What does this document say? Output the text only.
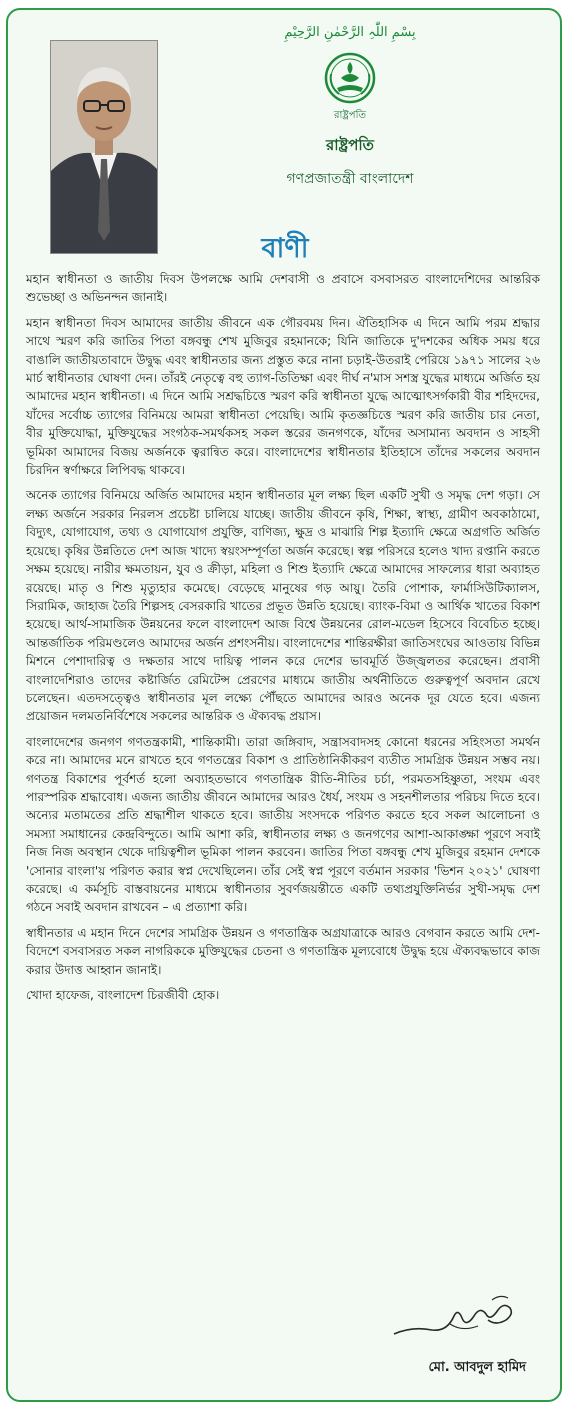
بِسْمِ اللّٰہِ الرَّحْمٰنِ الرَّحِیْمِ
রাষ্ট্রপতি
রাষ্ট্রপতি
গণপ্রজাতন্ত্রী বাংলাদেশ
বাণী

মহান স্বাধীনতা ও জাতীয় দিবস উপলক্ষে আমি দেশবাসী ও প্রবাসে বসবাসরত বাংলাদেশিদের আন্তরিক শুভেচ্ছা ও অভিনন্দন জানাই।

মহান স্বাধীনতা দিবস আমাদের জাতীয় জীবনে এক গৌরবময় দিন। ঐতিহাসিক এ দিনে আমি পরম শ্রদ্ধার সাথে স্মরণ করি জাতির পিতা বঙ্গবন্ধু শেখ মুজিবুর রহমানকে; যিনি জাতিকে দু'দশকের অধিক সময় ধরে বাঙালি জাতীয়তাবাদে উদ্বুদ্ধ এবং স্বাধীনতার জন্য প্রস্তুত করে নানা চড়াই-উতরাই পেরিয়ে ১৯৭১ সালের ২৬ মার্চ স্বাধীনতার ঘোষণা দেন। তাঁরই নেতৃত্বে বহু ত্যাগ-তিতিক্ষা এবং দীর্ঘ ন'মাস সশস্ত্র যুদ্ধের মাধ্যমে অর্জিত হয় আমাদের মহান স্বাধীনতা। এ দিনে আমি সশ্রদ্ধচিত্তে স্মরণ করি স্বাধীনতা যুদ্ধে আত্মোৎসর্গকারী বীর শহিদদের, যাঁদের সর্বোচ্চ ত্যাগের বিনিময়ে আমরা স্বাধীনতা পেয়েছি। আমি কৃতজ্ঞচিত্তে স্মরণ করি জাতীয় চার নেতা, বীর মুক্তিযোদ্ধা, মুক্তিযুদ্ধের সংগঠক-সমর্থকসহ সকল স্তরের জনগণকে, যাঁদের অসামান্য অবদান ও সাহসী ভূমিকা আমাদের বিজয় অর্জনকে ত্বরান্বিত করে। বাংলাদেশের স্বাধীনতার ইতিহাসে তাঁদের সকলের অবদান চিরদিন স্বর্ণাক্ষরে লিপিবদ্ধ থাকবে।

অনেক ত্যাগের বিনিময়ে অর্জিত আমাদের মহান স্বাধীনতার মূল লক্ষ্য ছিল একটি সুখী ও সমৃদ্ধ দেশ গড়া। সে লক্ষ্য অর্জনে সরকার নিরলস প্রচেষ্টা চালিয়ে যাচ্ছে। জাতীয় জীবনে কৃষি, শিক্ষা, স্বাস্থ্য, গ্রামীণ অবকাঠামো, বিদ্যুৎ, যোগাযোগ, তথ্য ও যোগাযোগ প্রযুক্তি, বাণিজ্য, ক্ষুদ্র ও মাঝারি শিল্প ইত্যাদি ক্ষেত্রে অগ্রগতি অর্জিত হয়েছে। কৃষির উন্নতিতে দেশ আজ খাদ্যে স্বয়ংসম্পূর্ণতা অর্জন করেছে। স্বল্প পরিসরে হলেও খাদ্য রপ্তানি করতে সক্ষম হয়েছে। নারীর ক্ষমতায়ন, যুব ও ক্রীড়া, মহিলা ও শিশু ইত্যাদি ক্ষেত্রে আমাদের সাফল্যের ধারা অব্যাহত রয়েছে। মাতৃ ও শিশু মৃত্যুহার কমেছে। বেড়েছে মানুষের গড় আয়ু। তৈরি পোশাক, ফার্মাসিউটিক্যালস, সিরামিক, জাহাজ তৈরি শিল্পসহ বেসরকারি খাতের প্রভূত উন্নতি হয়েছে। ব্যাংক-বিমা ও আর্থিক খাতের বিকাশ হয়েছে। আর্থ-সামাজিক উন্নয়নের ফলে বাংলাদেশ আজ বিশ্বে উন্নয়নের রোল-মডেল হিসেবে বিবেচিত হচ্ছে। আন্তর্জাতিক পরিমণ্ডলেও আমাদের অর্জন প্রশংসনীয়। বাংলাদেশের শান্তিরক্ষীরা জাতিসংঘের আওতায় বিভিন্ন মিশনে পেশাদারিত্ব ও দক্ষতার সাথে দায়িত্ব পালন করে দেশের ভাবমূর্তি উজ্জ্বলতর করেছেন। প্রবাসী বাংলাদেশিরাও তাদের কষ্টার্জিত রেমিটেন্স প্রেরণের মাধ্যমে জাতীয় অর্থনীতিতে গুরুত্বপূর্ণ অবদান রেখে চলেছেন। এতদসত্ত্বেও স্বাধীনতার মূল লক্ষ্যে পৌঁছতে আমাদের আরও অনেক দূর যেতে হবে। এজন্য প্রয়োজন দলমতনির্বিশেষে সকলের আন্তরিক ও ঐক্যবদ্ধ প্রয়াস।

বাংলাদেশের জনগণ গণতন্ত্রকামী, শান্তিকামী। তারা জঙ্গিবাদ, সন্ত্রাসবাদসহ কোনো ধরনের সহিংসতা সমর্থন করে না। আমাদের মনে রাখতে হবে গণতন্ত্রের বিকাশ ও প্রাতিষ্ঠানিকীকরণ ব্যতীত সামগ্রিক উন্নয়ন সম্ভব নয়। গণতন্ত্র বিকাশের পূর্বশর্ত হলো অব্যাহতভাবে গণতান্ত্রিক রীতি-নীতির চর্চা, পরমতসহিষ্ণুতা, সংযম এবং পারস্পরিক শ্রদ্ধাবোধ। এজন্য জাতীয় জীবনে আমাদের আরও ধৈর্য, সংযম ও সহনশীলতার পরিচয় দিতে হবে। অন্যের মতামতের প্রতি শ্রদ্ধাশীল থাকতে হবে। জাতীয় সংসদকে পরিণত করতে হবে সকল আলোচনা ও সমস্যা সমাধানের কেন্দ্রবিন্দুতে। আমি আশা করি, স্বাধীনতার লক্ষ্য ও জনগণের আশা-আকাঙ্ক্ষা পূরণে সবাই নিজ নিজ অবস্থান থেকে দায়িত্বশীল ভূমিকা পালন করবেন। জাতির পিতা বঙ্গবন্ধু শেখ মুজিবুর রহমান দেশকে 'সোনার বাংলা'য় পরিণত করার স্বপ্ন দেখেছিলেন। তাঁর সেই স্বপ্ন পূরণে বর্তমান সরকার 'ভিশন ২০২১' ঘোষণা করেছে। এ কর্মসূচি বাস্তবায়নের মাধ্যমে স্বাধীনতার সুবর্ণজয়ন্তীতে একটি তথ্যপ্রযুক্তিনির্ভর সুখী-সমৃদ্ধ দেশ গঠনে সবাই অবদান রাখবেন – এ প্রত্যাশা করি।

স্বাধীনতার এ মহান দিনে দেশের সামগ্রিক উন্নয়ন ও গণতান্ত্রিক অগ্রযাত্রাকে আরও বেগবান করতে আমি দেশ-বিদেশে বসবাসরত সকল নাগরিককে মুক্তিযুদ্ধের চেতনা ও গণতান্ত্রিক মূল্যবোধে উদ্বুদ্ধ হয়ে ঐক্যবদ্ধভাবে কাজ করার উদাত্ত আহ্বান জানাই।

খোদা হাফেজ, বাংলাদেশ চিরজীবী হোক।

মো. আবদুল হামিদ
